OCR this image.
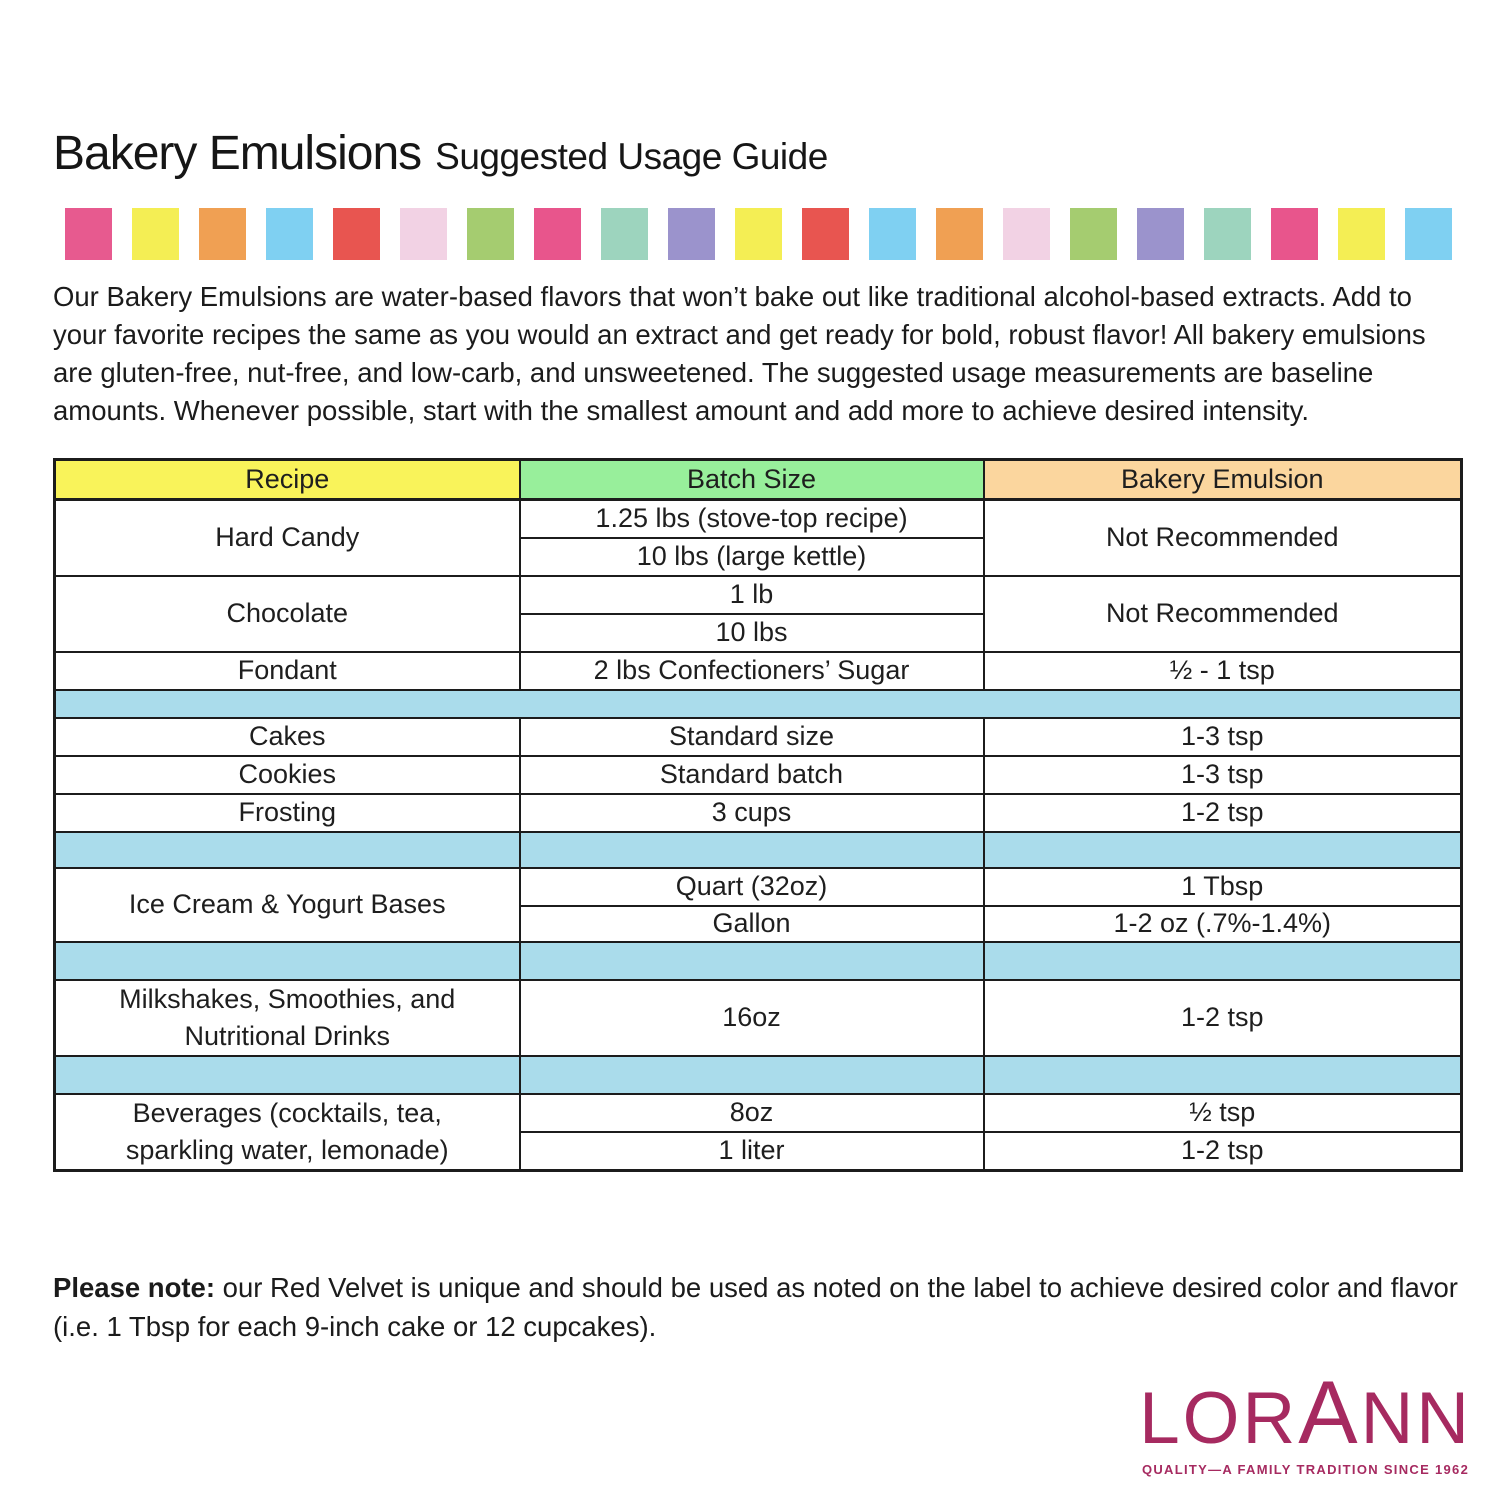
Bakery Emulsions Suggested Usage Guide

Our Bakery Emulsions are water-based flavors that won’t bake out like traditional alcohol-based extracts. Add to your favorite recipes the same as you would an extract and get ready for bold, robust flavor! All bakery emulsions are gluten-free, nut-free, and low-carb, and unsweetened. The suggested usage measurements are baseline amounts. Whenever possible, start with the smallest amount and add more to achieve desired intensity.

Recipe	Batch Size	Bakery Emulsion
Hard Candy	1.25 lbs (stove-top recipe)	Not Recommended
	10 lbs (large kettle)	
Chocolate	1 lb	Not Recommended
	10 lbs	
Fondant	2 lbs Confectioners’ Sugar	½ - 1 tsp

Cakes	Standard size	1-3 tsp
Cookies	Standard batch	1-3 tsp
Frosting	3 cups	1-2 tsp

Ice Cream & Yogurt Bases	Quart (32oz)	1 Tbsp
	Gallon	1-2 oz (.7%-1.4%)

Milkshakes, Smoothies, and Nutritional Drinks	16oz	1-2 tsp

Beverages (cocktails, tea, sparkling water, lemonade)	8oz	½ tsp
	1 liter	1-2 tsp

Please note: our Red Velvet is unique and should be used as noted on the label to achieve desired color and flavor (i.e. 1 Tbsp for each 9-inch cake or 12 cupcakes).

L O R A N N
QUALITY—A FAMILY TRADITION SINCE 1962
